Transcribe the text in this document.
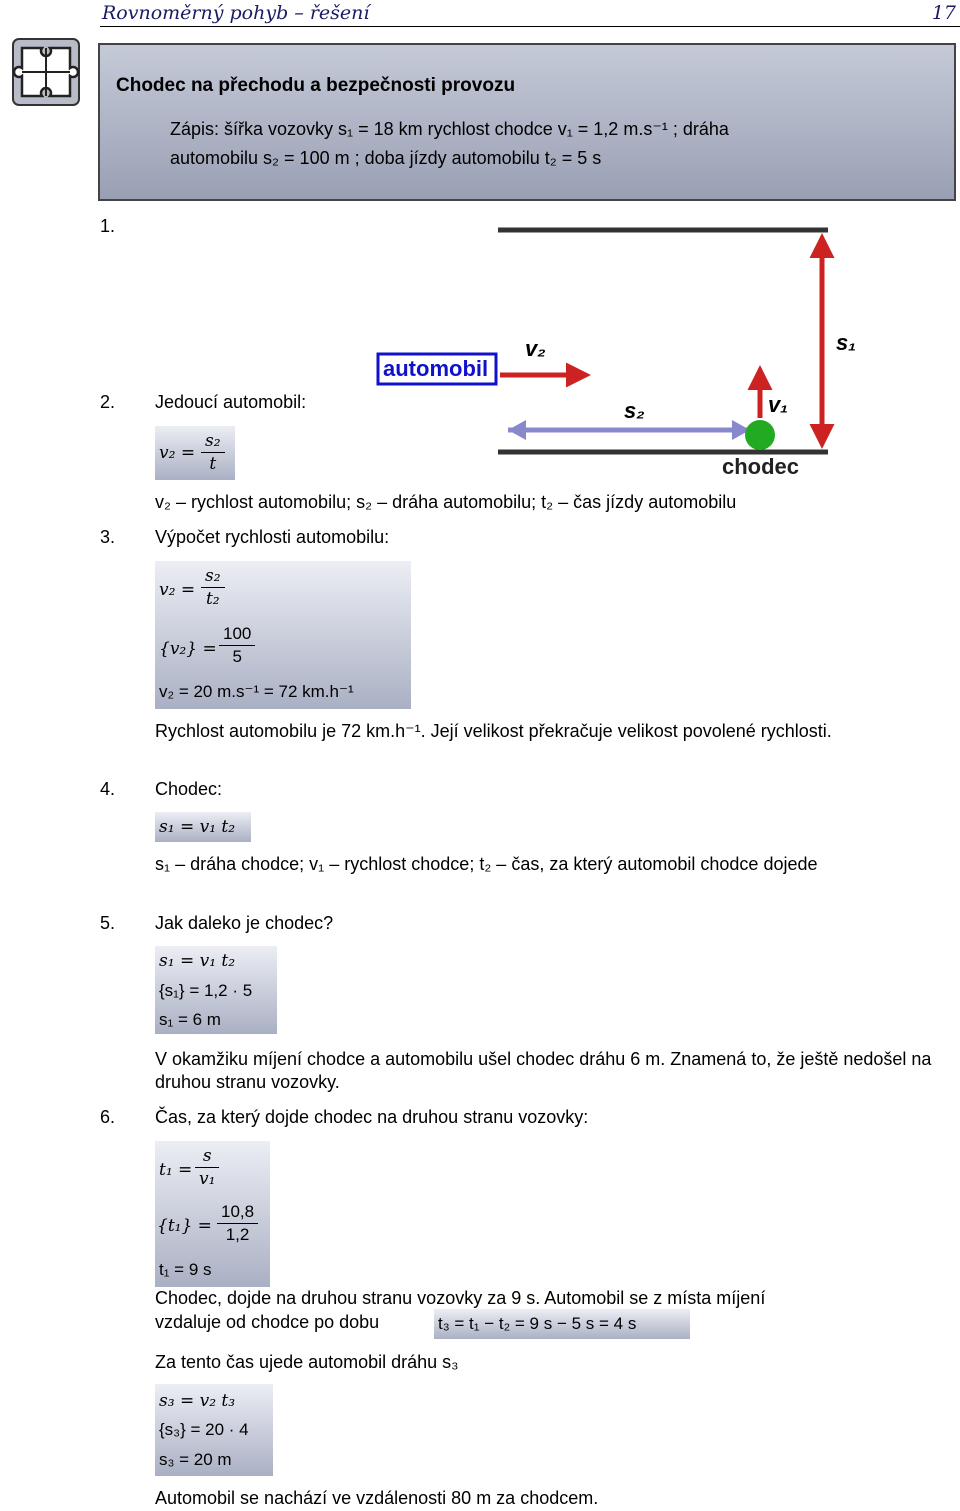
Rovnoměrný pohyb – řešení	17
Chodec na přechodu a bezpečnosti provozu
Zápis: šířka vozovky s₁ = 18 km rychlost chodce v₁ = 1,2 m.s⁻¹ ; dráha
automobilu s₂ = 100 m ; doba jízdy automobilu t₂ = 5 s
1.
automobil
chodec
v₂
s₂	v₁
s₁
2. Jedoucí automobil:
$v_2 = \frac{\text{s₂}}{t}$
v₂ – rychlost automobilu; s₂ – dráha automobilu; t₂ – čas jízdy automobilu
3. Výpočet rychlosti automobilu:
$v_2 = \frac{\text{s₂}}{\text{t₂}}$
$\{v_2\} = \frac{100}{5}$
v₂ = 20 m.s⁻¹ = 72 km.h⁻¹
Rychlost automobilu je 72 km.h⁻¹. Její velikost překračuje velikost povolené rychlosti.
4. Chodec:
s₁ = v₁ t₂
s₁ – dráha chodce; v₁ – rychlost chodce; t₂ – čas, za který automobil chodce dojede
5. Jak daleko je chodec?
s₁ = v₁ t₂
{s₁} = 1,2 · 5
s₁ = 6 m
V okamžiku míjení chodce a automobilu ušel chodec dráhu 6 m. Znamená to, že ještě nedošel na druhou stranu vozovky.
6. Čas, za který dojde chodec na druhou stranu vozovky:
$t_1 = \frac{s}{\text{v₁}}$
$\{t_1\} = \frac{10,8}{1,2}$
t₁ = 9 s
Chodec, dojde na druhou stranu vozovky za 9 s. Automobil se z místa míjení
vzdaluje od chodce po dobu	t₃ = t₁ − t₂ = 9 s − 5 s = 4 s
Za tento čas ujede automobil dráhu s₃
s₃ = v₂ t₃
{s₃} = 20 · 4
s₃ = 20 m
Automobil se nachází ve vzdálenosti 80 m za chodcem.
